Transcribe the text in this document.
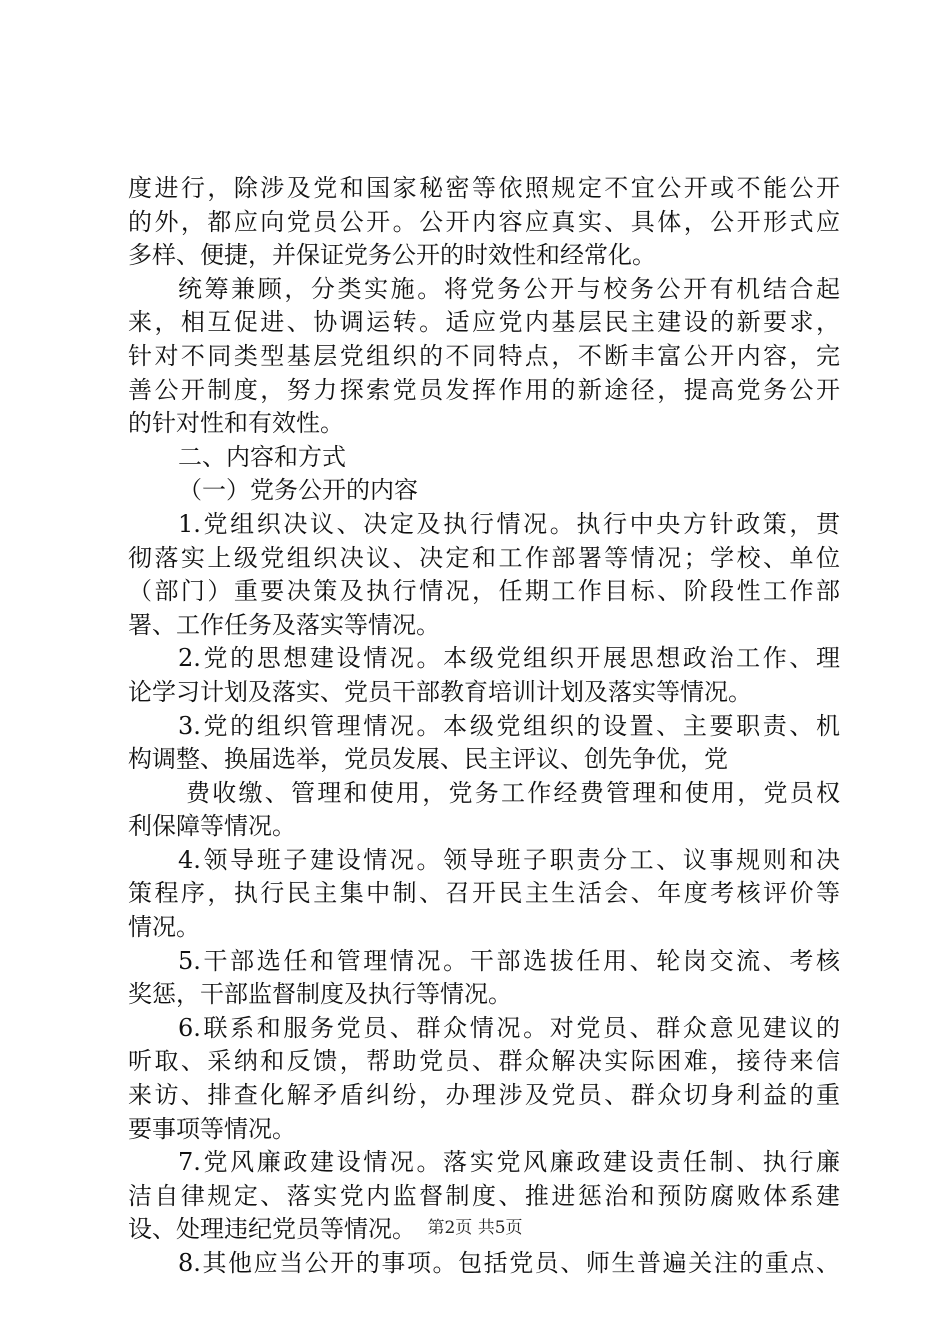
度进行，除涉及党和国家秘密等依照规定不宜公开或不能公开
的外，都应向党员公开。公开内容应真实、具体，公开形式应
多样、便捷，并保证党务公开的时效性和经常化。
统筹兼顾，分类实施。将党务公开与校务公开有机结合起
来，相互促进、协调运转。适应党内基层民主建设的新要求，
针对不同类型基层党组织的不同特点，不断丰富公开内容，完
善公开制度，努力探索党员发挥作用的新途径，提高党务公开
的针对性和有效性。
二、内容和方式
（一）党务公开的内容
1.党组织决议、决定及执行情况。执行中央方针政策，贯
彻落实上级党组织决议、决定和工作部署等情况；学校、单位
（部门）重要决策及执行情况，任期工作目标、阶段性工作部
署、工作任务及落实等情况。
2.党的思想建设情况。本级党组织开展思想政治工作、理
论学习计划及落实、党员干部教育培训计划及落实等情况。
3.党的组织管理情况。本级党组织的设置、主要职责、机
构调整、换届选举，党员发展、民主评议、创先争优，党
费收缴、管理和使用，党务工作经费管理和使用，党员权
利保障等情况。
4.领导班子建设情况。领导班子职责分工、议事规则和决
策程序，执行民主集中制、召开民主生活会、年度考核评价等
情况。
5.干部选任和管理情况。干部选拔任用、轮岗交流、考核
奖惩，干部监督制度及执行等情况。
6.联系和服务党员、群众情况。对党员、群众意见建议的
听取、采纳和反馈，帮助党员、群众解决实际困难，接待来信
来访、排查化解矛盾纠纷，办理涉及党员、群众切身利益的重
要事项等情况。
7.党风廉政建设情况。落实党风廉政建设责任制、执行廉
洁自律规定、落实党内监督制度、推进惩治和预防腐败体系建
设、处理违纪党员等情况。
8.其他应当公开的事项。包括党员、师生普遍关注的重点、
第2页 共5页
